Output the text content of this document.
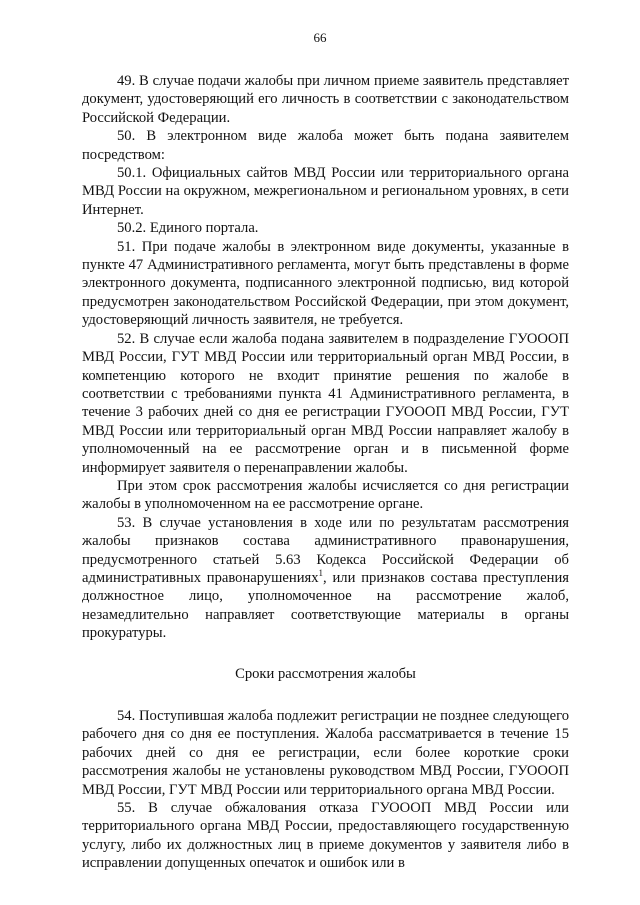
66

49. В случае подачи жалобы при личном приеме заявитель представляет документ, удостоверяющий его личность в соответствии с законодательством Российской Федерации.

50. В электронном виде жалоба может быть подана заявителем посредством:

50.1. Официальных сайтов МВД России или территориального органа МВД России на окружном, межрегиональном и региональном уровнях, в сети Интернет.

50.2. Единого портала.

51. При подаче жалобы в электронном виде документы, указанные в пункте 47 Административного регламента, могут быть представлены в форме электронного документа, подписанного электронной подписью, вид которой предусмотрен законодательством Российской Федерации, при этом документ, удостоверяющий личность заявителя, не требуется.

52. В случае если жалоба подана заявителем в подразделение ГУОООП МВД России, ГУТ МВД России или территориальный орган МВД России, в компетенцию которого не входит принятие решения по жалобе в соответствии с требованиями пункта 41 Административного регламента, в течение 3 рабочих дней со дня ее регистрации ГУОООП МВД России, ГУТ МВД России или территориальный орган МВД России направляет жалобу в уполномоченный на ее рассмотрение орган и в письменной форме информирует заявителя о перенаправлении жалобы.

При этом срок рассмотрения жалобы исчисляется со дня регистрации жалобы в уполномоченном на ее рассмотрение органе.

53. В случае установления в ходе или по результатам рассмотрения жалобы признаков состава административного правонарушения, предусмотренного статьей 5.63 Кодекса Российской Федерации об административных правонарушениях$^1$, или признаков состава преступления должностное лицо, уполномоченное на рассмотрение жалоб, незамедлительно направляет соответствующие материалы в органы прокуратуры.

Сроки рассмотрения жалобы

54. Поступившая жалоба подлежит регистрации не позднее следующего рабочего дня со дня ее поступления. Жалоба рассматривается в течение 15 рабочих дней со дня ее регистрации, если более короткие сроки рассмотрения жалобы не установлены руководством МВД России, ГУОООП МВД России, ГУТ МВД России или территориального органа МВД России.

55. В случае обжалования отказа ГУОООП МВД России или территориального органа МВД России, предоставляющего государственную услугу, либо их должностных лиц в приеме документов у заявителя либо в исправлении допущенных опечаток и ошибок или в
